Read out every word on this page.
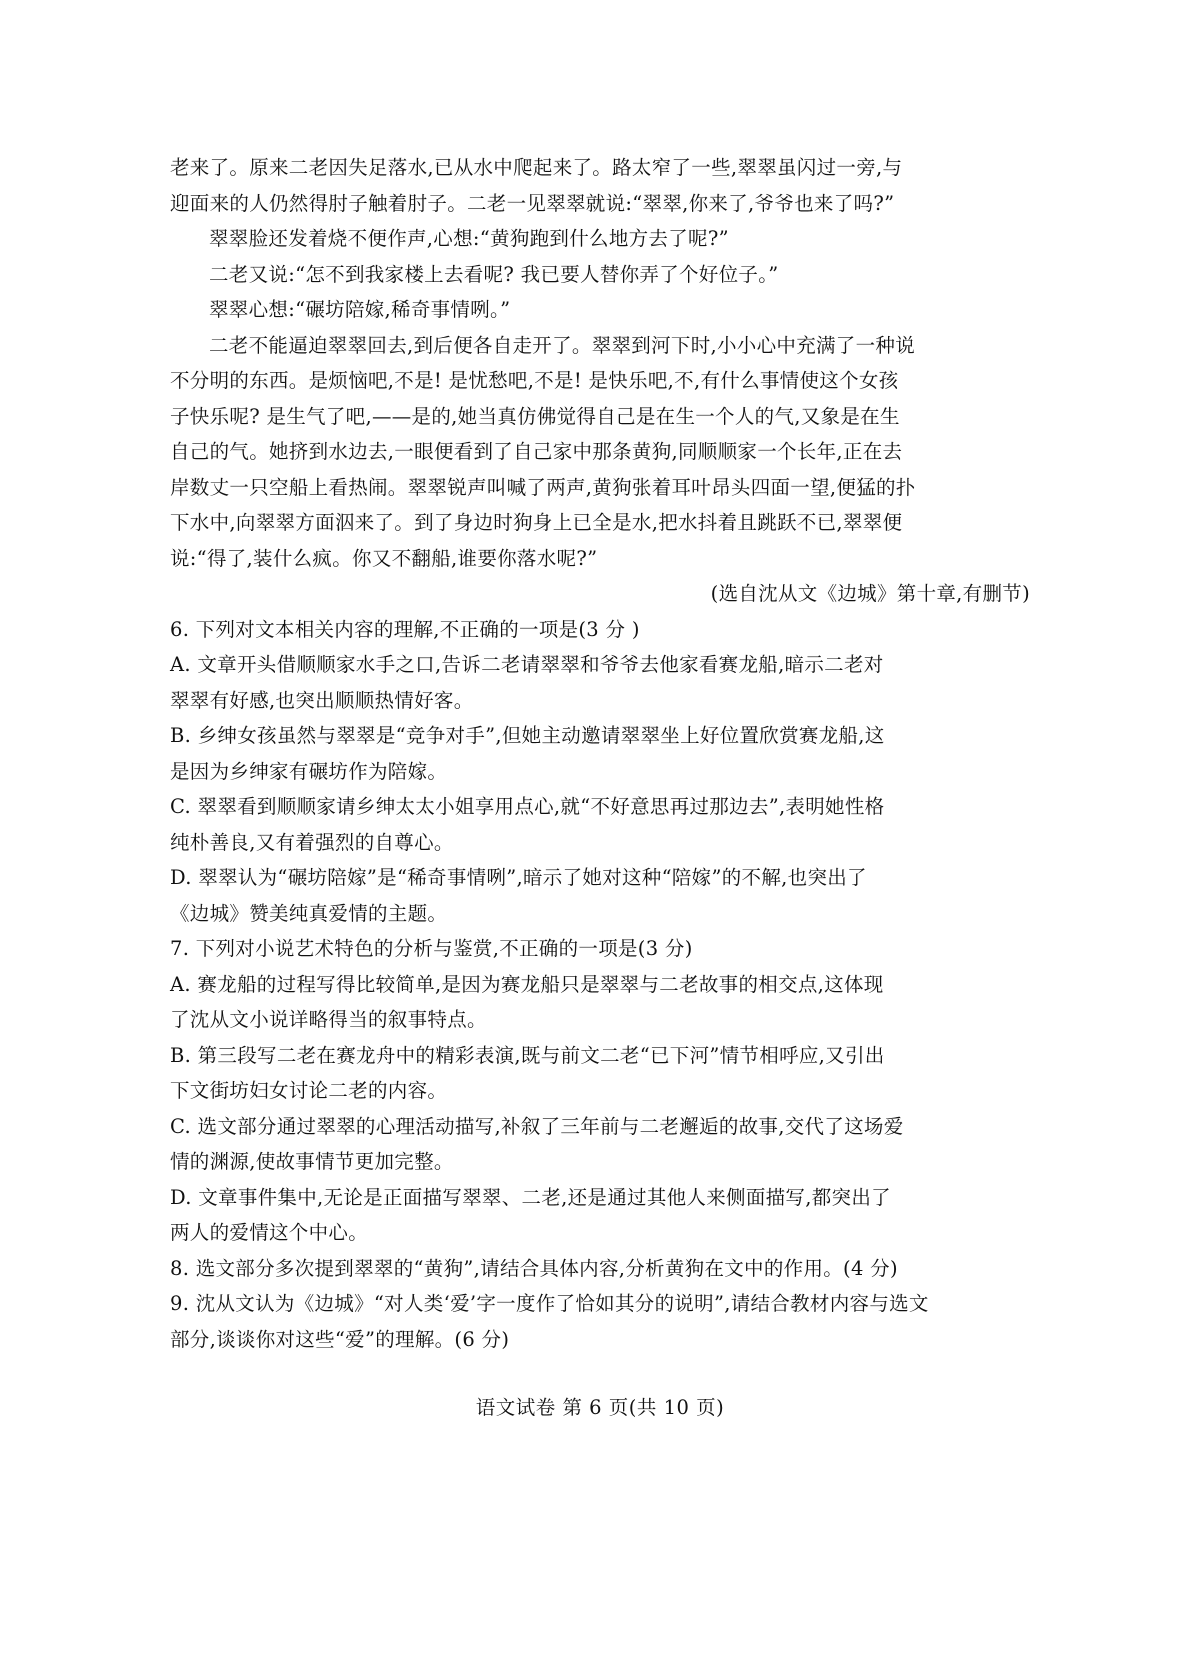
老来了。原来二老因失足落水,已从水中爬起来了。路太窄了一些,翠翠虽闪过一旁,与

迎面来的人仍然得肘子触着肘子。二老一见翠翠就说:“翠翠,你来了,爷爷也来了吗?”

翠翠脸还发着烧不便作声,心想:“黄狗跑到什么地方去了呢?”

二老又说:“怎不到我家楼上去看呢? 我已要人替你弄了个好位子。”

翠翠心想:“碾坊陪嫁,稀奇事情咧。”

二老不能逼迫翠翠回去,到后便各自走开了。翠翠到河下时,小小心中充满了一种说

不分明的东西。是烦恼吧,不是! 是忧愁吧,不是! 是快乐吧,不,有什么事情使这个女孩

子快乐呢? 是生气了吧,——是的,她当真仿佛觉得自己是在生一个人的气,又象是在生

自己的气。她挤到水边去,一眼便看到了自己家中那条黄狗,同顺顺家一个长年,正在去

岸数丈一只空船上看热闹。翠翠锐声叫喊了两声,黄狗张着耳叶昂头四面一望,便猛的扑

下水中,向翠翠方面泅来了。到了身边时狗身上已全是水,把水抖着且跳跃不已,翠翠便

说:“得了,装什么疯。你又不翻船,谁要你落水呢?”

(选自沈从文《边城》第十章,有删节)

6. 下列对文本相关内容的理解,不正确的一项是(3 分 )

A. 文章开头借顺顺家水手之口,告诉二老请翠翠和爷爷去他家看赛龙船,暗示二老对

翠翠有好感,也突出顺顺热情好客。

B. 乡绅女孩虽然与翠翠是“竞争对手”,但她主动邀请翠翠坐上好位置欣赏赛龙船,这

是因为乡绅家有碾坊作为陪嫁。

C. 翠翠看到顺顺家请乡绅太太小姐享用点心,就“不好意思再过那边去”,表明她性格

纯朴善良,又有着强烈的自尊心。

D. 翠翠认为“碾坊陪嫁”是“稀奇事情咧”,暗示了她对这种“陪嫁”的不解,也突出了

《边城》赞美纯真爱情的主题。

7. 下列对小说艺术特色的分析与鉴赏,不正确的一项是(3 分)

A. 赛龙船的过程写得比较简单,是因为赛龙船只是翠翠与二老故事的相交点,这体现

了沈从文小说详略得当的叙事特点。

B. 第三段写二老在赛龙舟中的精彩表演,既与前文二老“已下河”情节相呼应,又引出

下文街坊妇女讨论二老的内容。

C. 选文部分通过翠翠的心理活动描写,补叙了三年前与二老邂逅的故事,交代了这场爱

情的渊源,使故事情节更加完整。

D. 文章事件集中,无论是正面描写翠翠、二老,还是通过其他人来侧面描写,都突出了

两人的爱情这个中心。

8. 选文部分多次提到翠翠的“黄狗”,请结合具体内容,分析黄狗在文中的作用。(4 分)

9. 沈从文认为《边城》“对人类‘爱’字一度作了恰如其分的说明”,请结合教材内容与选文

部分,谈谈你对这些“爱”的理解。(6 分)

语文试卷 第 6 页(共 10 页)
